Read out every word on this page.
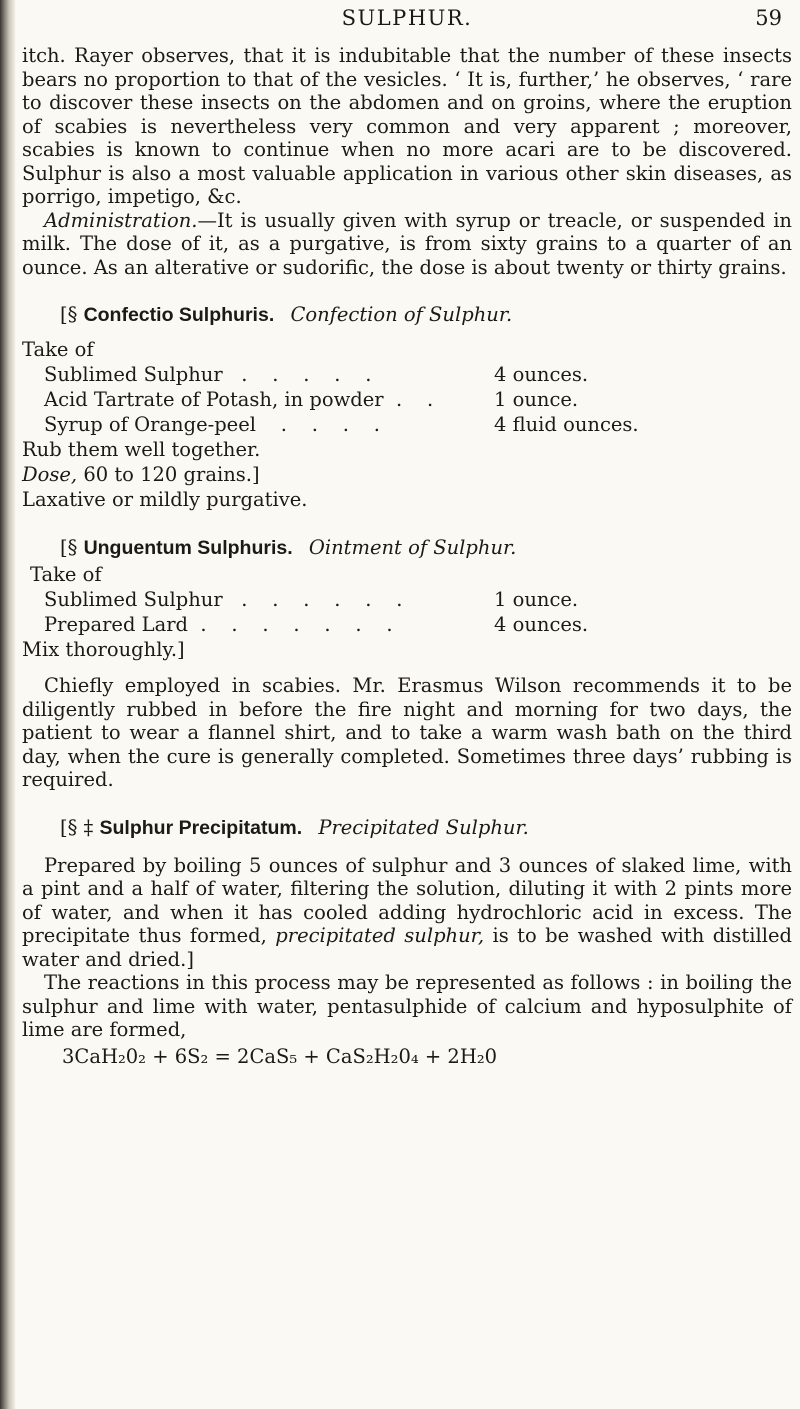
SULPHUR.	59

itch. Rayer observes, that it is indubitable that the number of these insects bears no proportion to that of the vesicles. ‘ It is, further,’ he observes, ‘ rare to discover these insects on the abdomen and on groins, where the eruption of scabies is nevertheless very common and very apparent ; moreover, scabies is known to continue when no more acari are to be discovered. Sulphur is also a most valuable application in various other skin diseases, as porrigo, impetigo, &c.

Administration.—It is usually given with syrup or treacle, or suspended in milk. The dose of it, as a purgative, is from sixty grains to a quarter of an ounce. As an alterative or sudorific, the dose is about twenty or thirty grains.

[§ Confectio Sulphuris. Confection of Sulphur.
Take of
Sublimed Sulphur   .    .    .    .    .	4 ounces.
Acid Tartrate of Potash, in powder  .    .	1 ounce.
Syrup of Orange-peel    .    .    .    .	4 fluid ounces.
Rub them well together.
Dose, 60 to 120 grains.]
Laxative or mildly purgative.
[§ Unguentum Sulphuris. Ointment of Sulphur.
Take of
Sublimed Sulphur   .    .    .    .    .    .	1 ounce.
Prepared Lard  .    .    .    .    .    .    .	4 ounces.
Mix thoroughly.]

Chiefly employed in scabies. Mr. Erasmus Wilson recommends it to be diligently rubbed in before the fire night and morning for two days, the patient to wear a flannel shirt, and to take a warm wash bath on the third day, when the cure is generally completed. Sometimes three days’ rubbing is required.

[§ ‡ Sulphur Precipitatum. Precipitated Sulphur.

Prepared by boiling 5 ounces of sulphur and 3 ounces of slaked lime, with a pint and a half of water, filtering the solution, diluting it with 2 pints more of water, and when it has cooled adding hydrochloric acid in excess. The precipitate thus formed, precipitated sulphur, is to be washed with distilled water and dried.]

The reactions in this process may be represented as follows : in boiling the sulphur and lime with water, pentasulphide of calcium and hyposulphite of lime are formed,

3CaH₂0₂ + 6S₂ = 2CaS₅ + CaS₂H₂0₄ + 2H₂0
